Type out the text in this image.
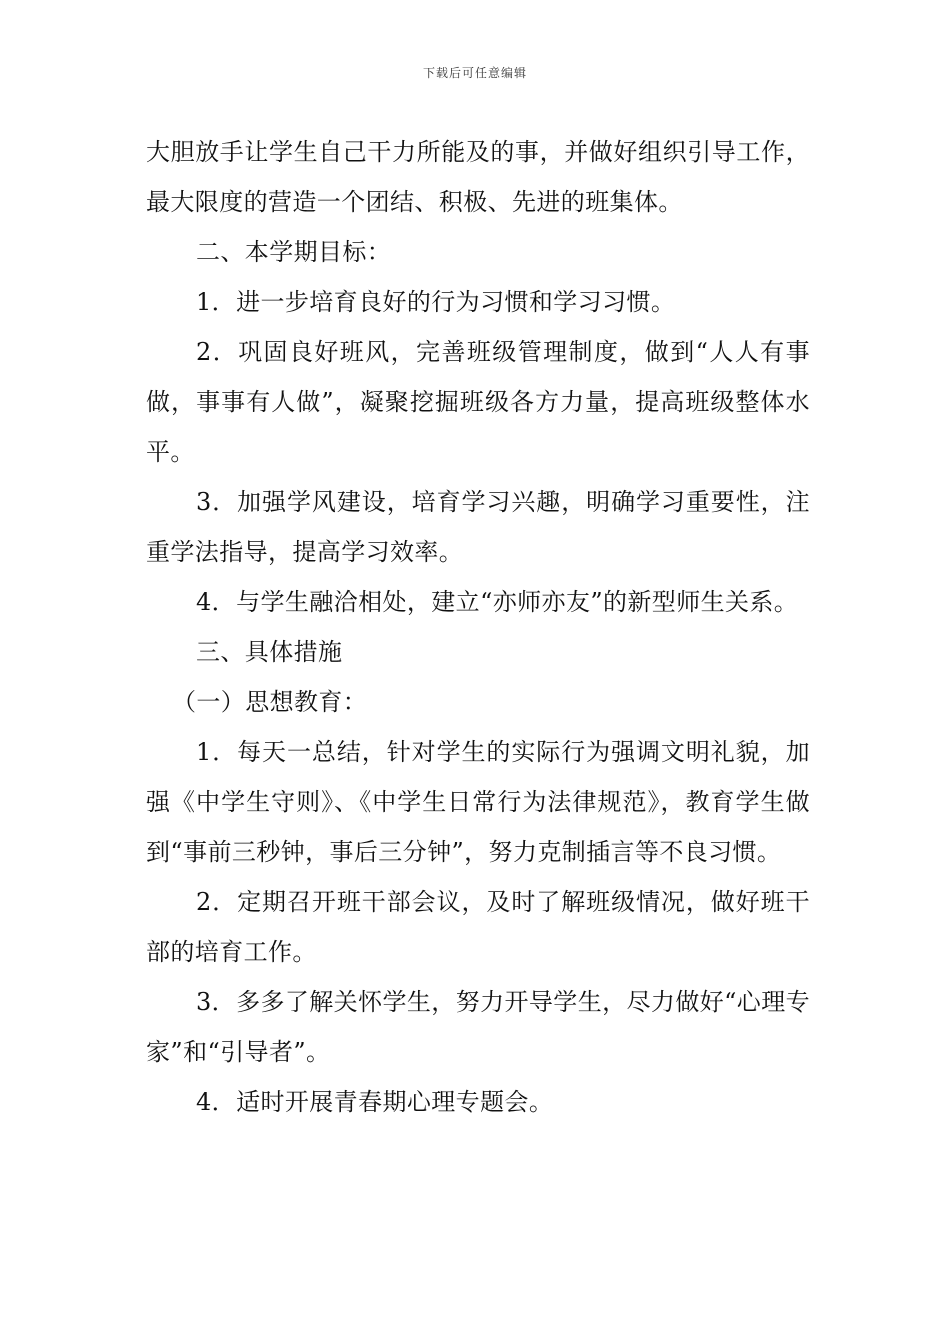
下载后可任意编辑

大胆放手让学生自己干力所能及的事，并做好组织引导工作，最大限度的营造一个团结、积极、先进的班集体。

二、本学期目标：

1．进一步培育良好的行为习惯和学习习惯。

2．巩固良好班风，完善班级管理制度，做到“人人有事做，事事有人做”，凝聚挖掘班级各方力量，提高班级整体水平。

3．加强学风建设，培育学习兴趣，明确学习重要性，注重学法指导，提高学习效率。

4．与学生融洽相处，建立“亦师亦友”的新型师生关系。

三、具体措施

（一）思想教育：

1．每天一总结，针对学生的实际行为强调文明礼貌，加强《中学生守则》、《中学生日常行为法律规范》，教育学生做到“事前三秒钟，事后三分钟”，努力克制插言等不良习惯。

2．定期召开班干部会议，及时了解班级情况，做好班干部的培育工作。

3．多多了解关怀学生，努力开导学生，尽力做好“心理专家”和“引导者”。

4．适时开展青春期心理专题会。
